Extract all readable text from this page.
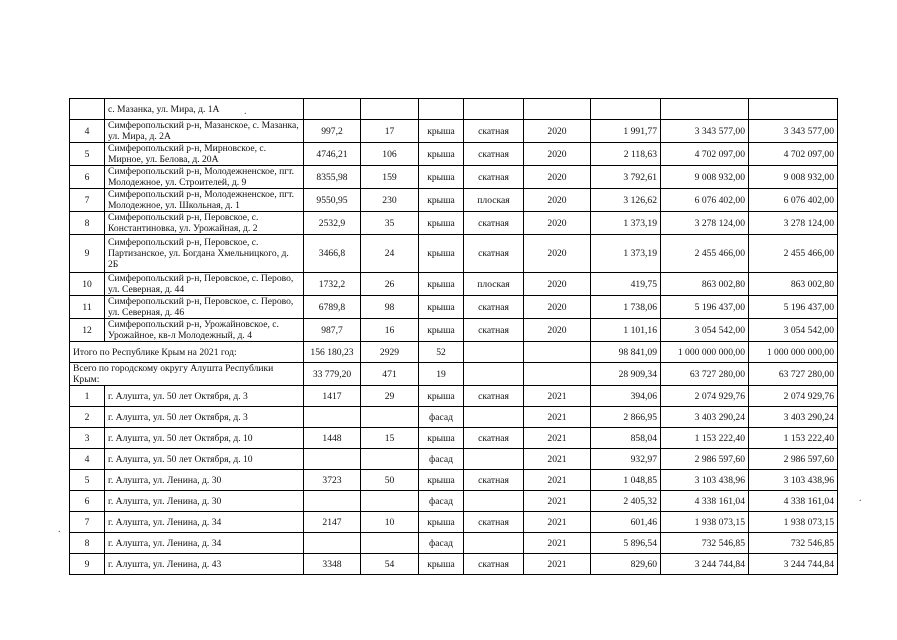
	с. Мазанка, ул. Мира, д. 1А								
4	Симферопольский р-н, Мазанское, с. Мазанка, ул. Мира, д. 2А	997,2	17	крыша	скатная	2020	1 991,77	3 343 577,00	3 343 577,00
5	Симферопольский р-н, Мирновское, с. Мирное, ул. Белова, д. 20А	4746,21	106	крыша	скатная	2020	2 118,63	4 702 097,00	4 702 097,00
6	Симферопольский р-н, Молодежненское, пгт. Молодежное, ул. Строителей, д. 9	8355,98	159	крыша	скатная	2020	3 792,61	9 008 932,00	9 008 932,00
7	Симферопольский р-н, Молодежненское, пгт. Молодежное, ул. Школьная, д. 1	9550,95	230	крыша	плоская	2020	3 126,62	6 076 402,00	6 076 402,00
8	Симферопольский р-н, Перовское, с. Константиновка, ул. Урожайная, д. 2	2532,9	35	крыша	скатная	2020	1 373,19	3 278 124,00	3 278 124,00
9	Симферопольский р-н, Перовское, с. Партизанское, ул. Богдана Хмельницкого, д. 2Б	3466,8	24	крыша	скатная	2020	1 373,19	2 455 466,00	2 455 466,00
10	Симферопольский р-н, Перовское, с. Перово, ул. Северная, д. 44	1732,2	26	крыша	плоская	2020	419,75	863 002,80	863 002,80
11	Симферопольский р-н, Перовское, с. Перово, ул. Северная, д. 46	6789,8	98	крыша	скатная	2020	1 738,06	5 196 437,00	5 196 437,00
12	Симферопольский р-н, Урожайновское, с. Урожайное, кв-л Молодежный, д. 4	987,7	16	крыша	скатная	2020	1 101,16	3 054 542,00	3 054 542,00
Итого по Республике Крым на 2021 год:		156 180,23	2929	52			98 841,09	1 000 000 000,00	1 000 000 000,00
Всего по городскому округу Алушта Республики Крым:		33 779,20	471	19			28 909,34	63 727 280,00	63 727 280,00
1	г. Алушта, ул. 50 лет Октября, д. 3	1417	29	крыша	скатная	2021	394,06	2 074 929,76	2 074 929,76
2	г. Алушта, ул. 50 лет Октября, д. 3			фасад		2021	2 866,95	3 403 290,24	3 403 290,24
3	г. Алушта, ул. 50 лет Октября, д. 10	1448	15	крыша	скатная	2021	858,04	1 153 222,40	1 153 222,40
4	г. Алушта, ул. 50 лет Октября, д. 10			фасад		2021	932,97	2 986 597,60	2 986 597,60
5	г. Алушта, ул. Ленина, д. 30	3723	50	крыша	скатная	2021	1 048,85	3 103 438,96	3 103 438,96
6	г. Алушта, ул. Ленина, д. 30			фасад		2021	2 405,32	4 338 161,04	4 338 161,04
7	г. Алушта, ул. Ленина, д. 34	2147	10	крыша	скатная	2021	601,46	1 938 073,15	1 938 073,15
8	г. Алушта, ул. Ленина, д. 34			фасад		2021	5 896,54	732 546,85	732 546,85
9	г. Алушта, ул. Ленина, д. 43	3348	54	крыша	скатная	2021	829,60	3 244 744,84	3 244 744,84
.
.
.
